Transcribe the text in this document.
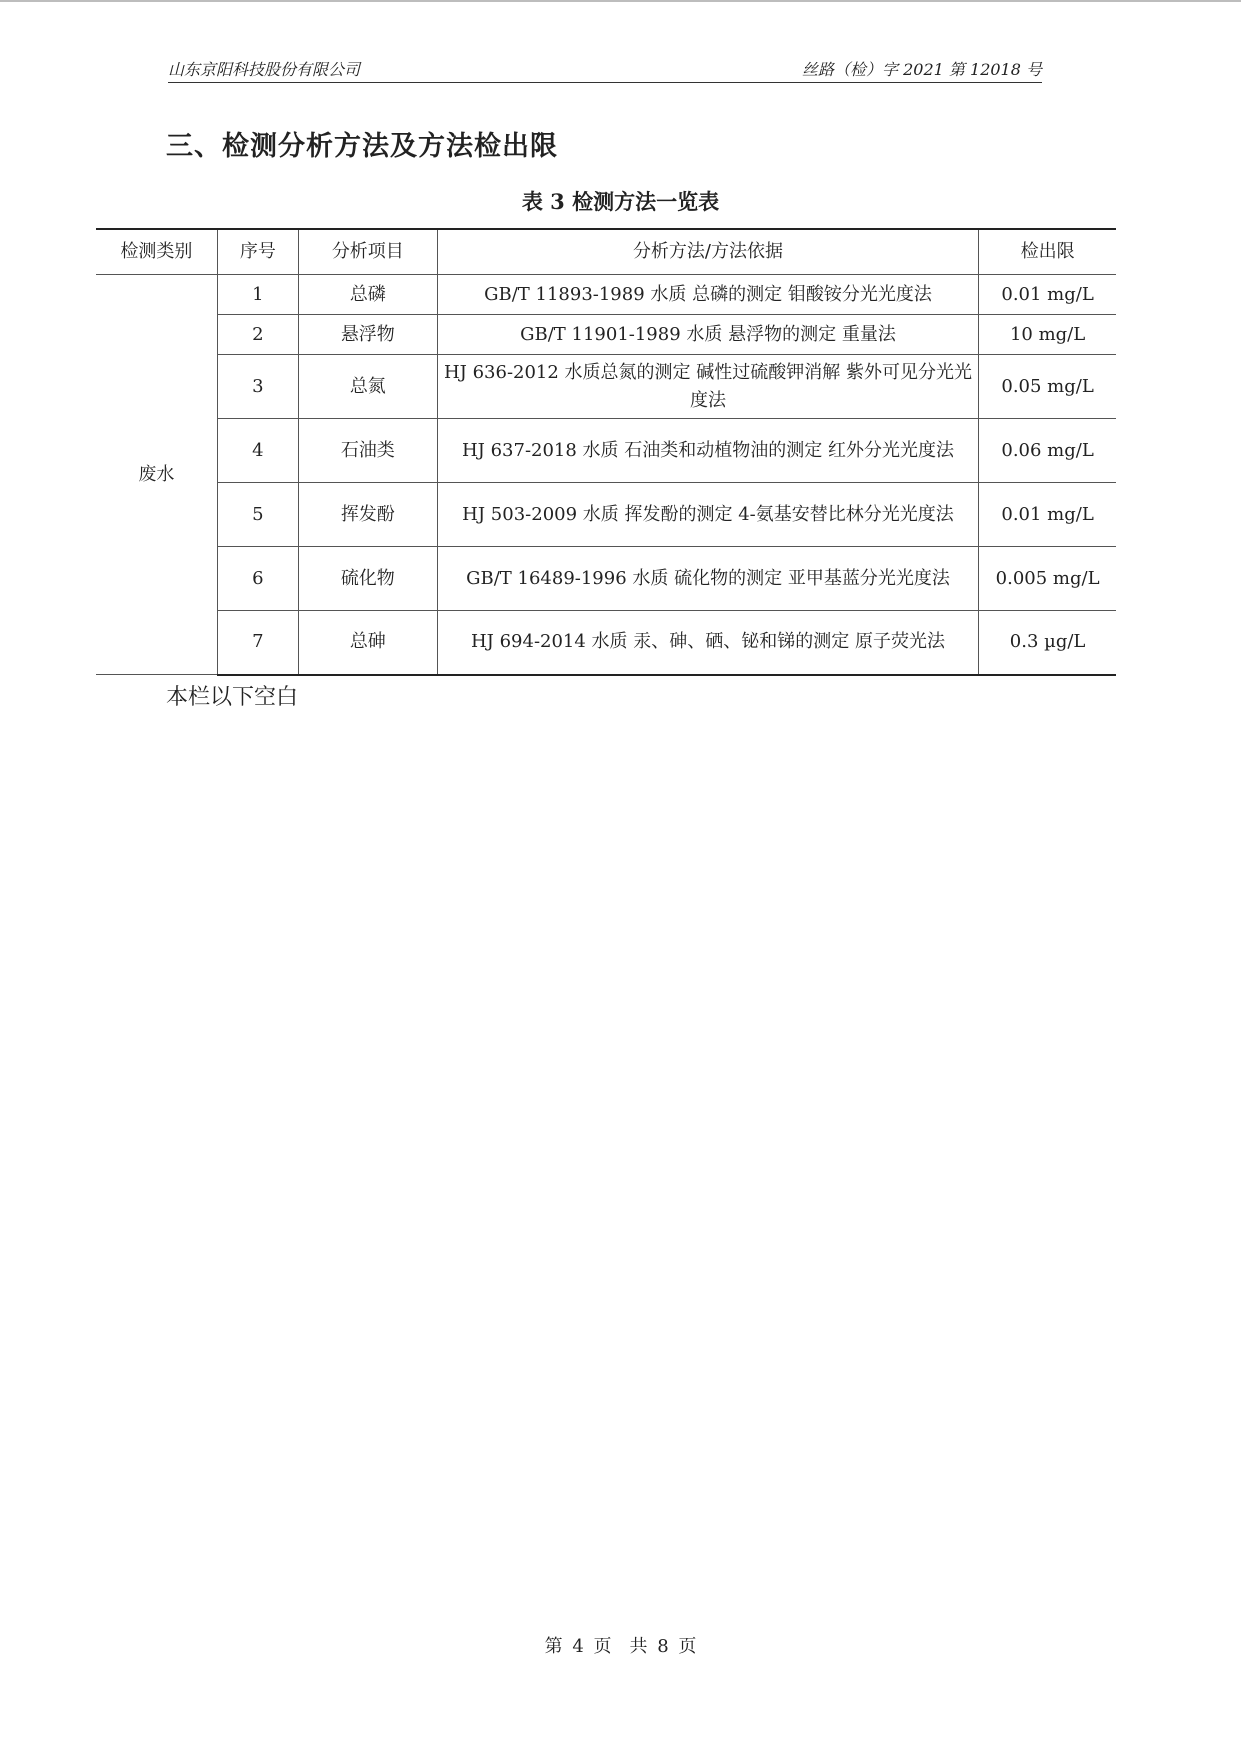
山东京阳科技股份有限公司	丝路（检）字 2021 第 12018 号
三、检测分析方法及方法检出限
表 3 检测方法一览表
检测类别	序号	分析项目	分析方法/方法依据	检出限
废水	1	总磷	GB/T 11893-1989 水质 总磷的测定 钼酸铵分光光度法	0.01 mg/L
	2	悬浮物	GB/T 11901-1989 水质 悬浮物的测定 重量法	10 mg/L
	3	总氮	HJ 636-2012 水质总氮的测定 碱性过硫酸钾消解 紫外可见分光光度法	0.05 mg/L
	4	石油类	HJ 637-2018 水质 石油类和动植物油的测定 红外分光光度法	0.06 mg/L
	5	挥发酚	HJ 503-2009 水质 挥发酚的测定 4-氨基安替比林分光光度法	0.01 mg/L
	6	硫化物	GB/T 16489-1996 水质 硫化物的测定 亚甲基蓝分光光度法	0.005 mg/L
	7	总砷	HJ 694-2014 水质 汞、砷、硒、铋和锑的测定 原子荧光法	0.3 µg/L
本栏以下空白
第 4 页　共 8 页
